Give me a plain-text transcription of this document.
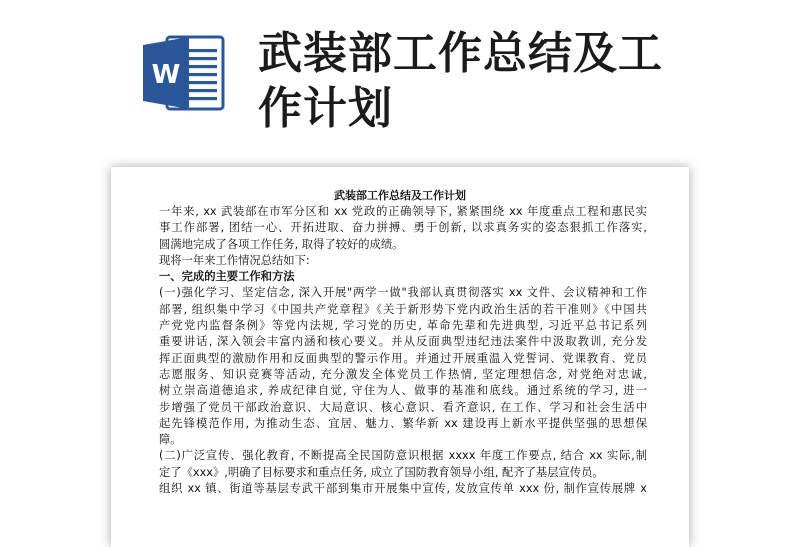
W 武装部工作总结及工
作计划
武装部工作总结及工作计划
一年来, xx 武装部在市军分区和 xx 党政的正确领导下, 紧紧围绕 xx 年度重点工程和惠民实
事工作部署, 团结一心、开拓进取、奋力拼搏、勇于创新, 以求真务实的姿态狠抓工作落实,
圆满地完成了各项工作任务, 取得了较好的成绩。
现将一年来工作情况总结如下:
一、完成的主要工作和方法
(一)强化学习、坚定信念, 深入开展"两学一做"我部认真贯彻落实 xx 文件、会议精神和工作
部署, 组织集中学习《中国共产党章程》《关于新形势下党内政治生活的若干准则》《中国共
产党党内监督条例》等党内法规, 学习党的历史, 革命先辈和先进典型, 习近平总书记系列
重要讲话, 深入领会丰富内涵和核心要义。并从反面典型违纪违法案件中汲取教训, 充分发
挥正面典型的激励作用和反面典型的警示作用。并通过开展重温入党誓词、党课教育、党员
志愿服务、知识竞赛等活动, 充分激发全体党员工作热情, 坚定理想信念, 对党绝对忠诚,
树立崇高道德追求, 养成纪律自觉, 守住为人、做事的基准和底线。通过系统的学习, 进一
步增强了党员干部政治意识、大局意识、核心意识、看齐意识, 在工作、学习和社会生活中
起先锋模范作用, 为推动生态、宜居、魅力、繁华新 xx 建设再上新水平提供坚强的思想保
障。
(二)广泛宣传、强化教育, 不断提高全民国防意识根据 xxxx 年度工作要点, 结合 xx 实际,制
定了《xxx》,明确了目标要求和重点任务, 成立了国防教育领导小组, 配齐了基层宣传员。
组织 xx 镇、街道等基层专武干部到集市开展集中宣传, 发放宣传单 xxx 份, 制作宣传展牌 x
